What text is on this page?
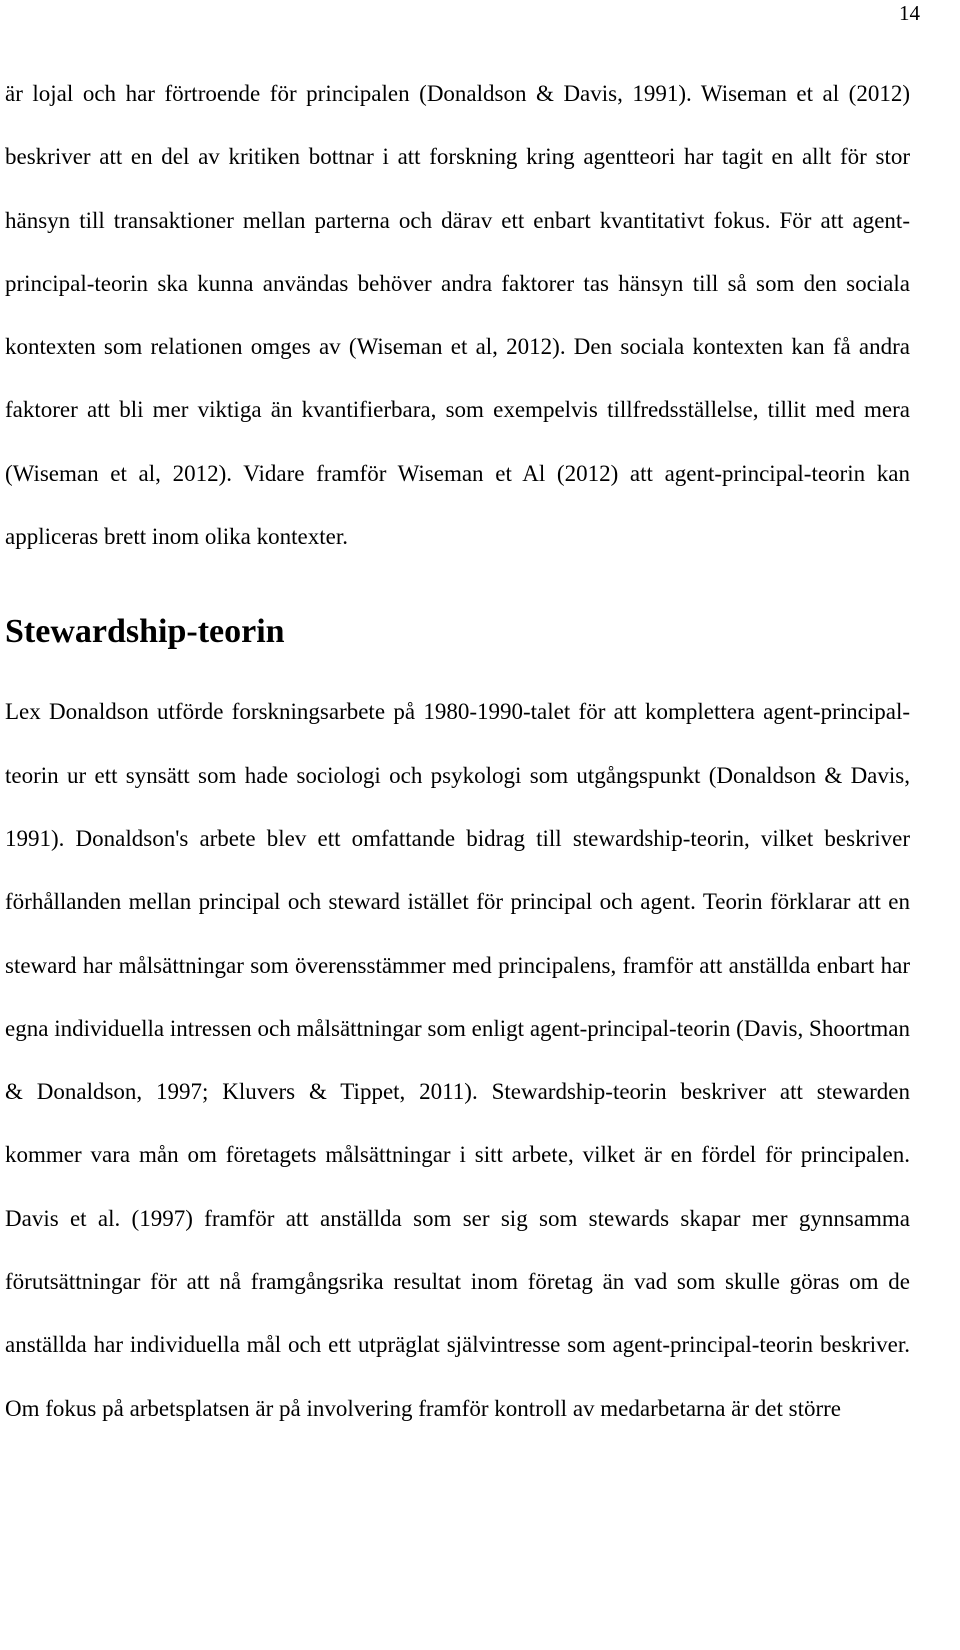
14

är lojal och har förtroende för principalen (Donaldson & Davis, 1991). Wiseman et al (2012) beskriver att en del av kritiken bottnar i att forskning kring agentteori har tagit en allt för stor hänsyn till transaktioner mellan parterna och därav ett enbart kvantitativt fokus. För att agent-principal-teorin ska kunna användas behöver andra faktorer tas hänsyn till så som den sociala kontexten som relationen omges av (Wiseman et al, 2012). Den sociala kontexten kan få andra faktorer att bli mer viktiga än kvantifierbara, som exempelvis tillfredsställelse, tillit med mera (Wiseman et al, 2012). Vidare framför Wiseman et Al (2012) att agent-principal-teorin kan appliceras brett inom olika kontexter.

Stewardship-teorin

Lex Donaldson utförde forskningsarbete på 1980-1990-talet för att komplettera agent-principal-teorin ur ett synsätt som hade sociologi och psykologi som utgångspunkt (Donaldson & Davis, 1991). Donaldson's arbete blev ett omfattande bidrag till stewardship-teorin, vilket beskriver förhållanden mellan principal och steward istället för principal och agent. Teorin förklarar att en steward har målsättningar som överensstämmer med principalens, framför att anställda enbart har egna individuella intressen och målsättningar som enligt agent-principal-teorin (Davis, Shoortman & Donaldson, 1997; Kluvers & Tippet, 2011). Stewardship-teorin beskriver att stewarden kommer vara mån om företagets målsättningar i sitt arbete, vilket är en fördel för principalen. Davis et al. (1997) framför att anställda som ser sig som stewards skapar mer gynnsamma förutsättningar för att nå framgångsrika resultat inom företag än vad som skulle göras om de anställda har individuella mål och ett utpräglat självintresse som agent-principal-teorin beskriver. Om fokus på arbetsplatsen är på involvering framför kontroll av medarbetarna är det större
